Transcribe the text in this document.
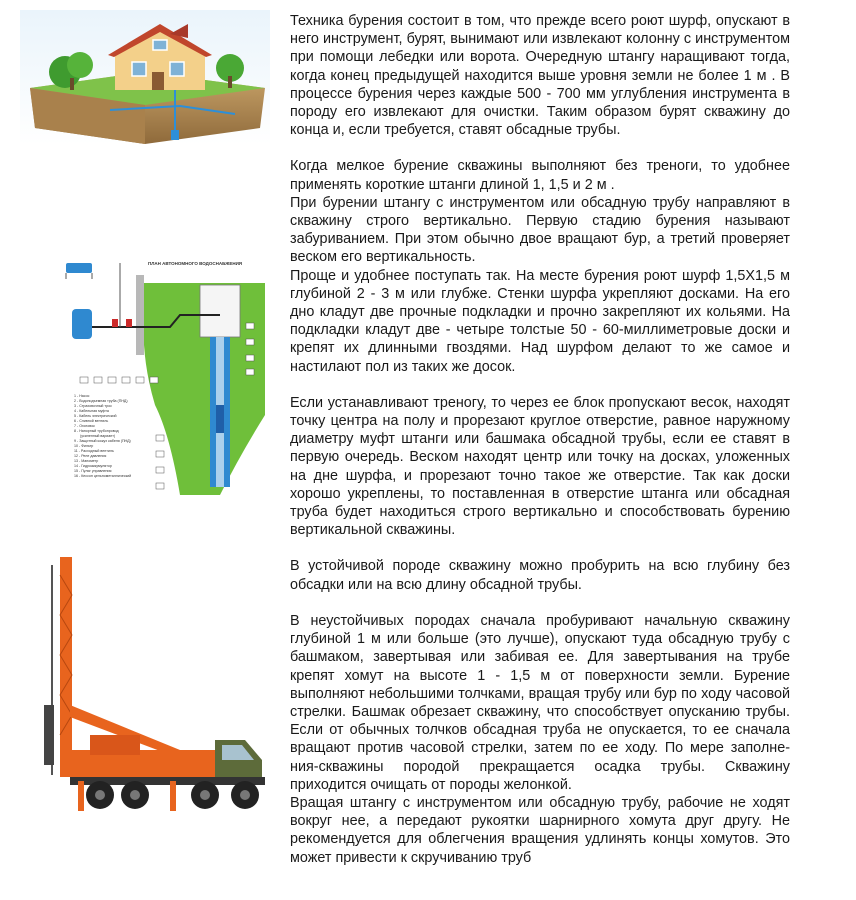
ПЛАН АВТОНОМНОГО ВОДОСНАБЖЕНИЯ
1 - Насос
2 - Водоподъемная труба (ПНД)
3 - Страховочный трос
4 - Кабельная муфта
5 - Кабель электрический
6 - Сливной вентиль
7 - Оголовок
8 - Напорный трубопровод
(усиленный вариант)
9 - Защитный кожух кабеля (ПНД)
10 - Фильтр
11 - Расходный вентиль
12 - Реле давления
13 - Манометр
14 - Гидроаккумулятор
15 - Пульт управления
16 - Кессон цельнометаллический

Техника бурения состоит в том, что прежде всего роют шурф, опускают в него инструмент, бурят, вынимают или извлекают колонну с инструментом при помощи лебедки или ворота. Очередную штангу наращивают тогда, когда конец предыдущей находится выше уровня земли не более 1 м . В процессе бурения через каждые 500 - 700 мм углубления инструмента в породу его извлекают для очистки. Таким образом бурят скважину до конца и, если требуется, ставят обсадные трубы.

Когда мелкое бурение скважины выполняют без треноги, то удобнее применять короткие штанги длиной 1, 1,5 и 2 м .

При бурении штангу с инструментом или обсадную трубу направляют в скважину строго вертикально. Первую стадию бурения называют забуриванием. При этом обычно двое вращают бур, а третий проверяет веском его вертикальность.

Проще и удобнее поступать так. На месте бурения роют шурф 1,5Х1,5 м глубиной 2 - 3 м или глубже. Стенки шурфа укрепляют досками. На его дно кладут две прочные подкладки и прочно закрепляют их кольями. На подкладки кладут две - четыре толстые 50 - 60-миллиметровые доски и крепят их длинными гвоздями. Над шурфом делают то же самое и настилают пол из таких же досок.

Если устанавливают треногу, то через ее блок пропускают весок, находят точку центра на полу и прорезают круглое отверстие, равное наружному диаметру муфт штанги или башмака обсадной трубы, если ее ставят в первую очередь. Веском находят центр или точку на досках, уложенных на дне шурфа, и прорезают точно такое же отверстие. Так как доски хорошо укреплены, то поставленная в отверстие штанга или обсадная труба будет находиться строго вертикально и способствовать бурению вертикальной скважины.

В устойчивой породе скважину можно пробурить на всю глубину без обсадки или на всю длину обсадной трубы.

В неустойчивых породах сначала пробуривают начальную скважину глубиной 1 м или больше (это лучше), опускают туда обсадную трубу с башмаком, завертывая или забивая ее. Для завертывания на трубе крепят хомут на высоте 1 - 1,5 м от поверхности земли. Бурение выполняют небольшими толчками, вращая трубу или бур по ходу часовой стрелки. Башмак обрезает скважину, что способствует опусканию трубы. Если от обычных толчков обсадная труба не опускается, то ее сначала вращают против часовой стрелки, затем по ее ходу. По мере заполне-ния-скважины породой прекращается осадка трубы. Скважину приходится очищать от породы желонкой.

Вращая штангу с инструментом или обсадную трубу, рабочие не ходят вокруг нее, а передают рукоятки шарнирного хомута друг другу. Не рекомендуется для облегчения вращения удлинять концы хомутов. Это может привести к скручиванию труб
